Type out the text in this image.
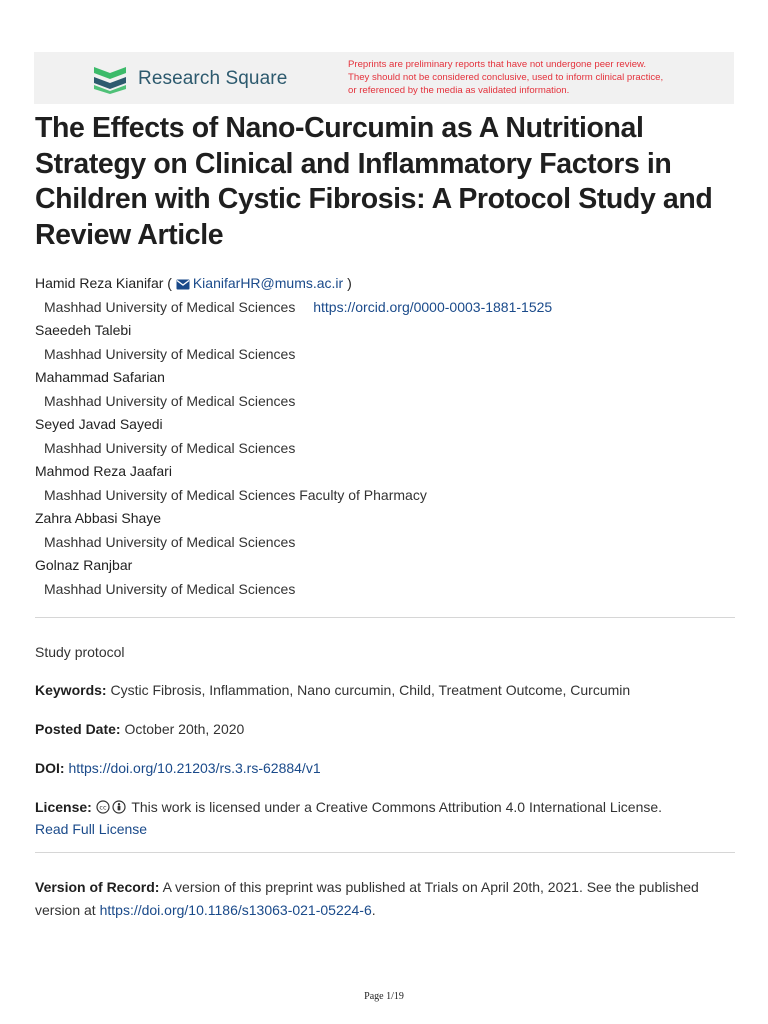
Research Square
Preprints are preliminary reports that have not undergone peer review.
They should not be considered conclusive, used to inform clinical practice,
or referenced by the media as validated information.
The Effects of Nano-Curcumin as A Nutritional Strategy on Clinical and Inflammatory Factors in Children with Cystic Fibrosis: A Protocol Study and Review Article
Hamid Reza Kianifar ( KianifarHR@mums.ac.ir )
Mashhad University of Medical Sciences https://orcid.org/0000-0003-1881-1525
Saeedeh Talebi
Mashhad University of Medical Sciences
Mahammad Safarian
Mashhad University of Medical Sciences
Seyed Javad Sayedi
Mashhad University of Medical Sciences
Mahmod Reza Jaafari
Mashhad University of Medical Sciences Faculty of Pharmacy
Zahra Abbasi Shaye
Mashhad University of Medical Sciences
Golnaz Ranjbar
Mashhad University of Medical Sciences
Study protocol
Keywords: Cystic Fibrosis, Inflammation, Nano curcumin, Child, Treatment Outcome, Curcumin
Posted Date: October 20th, 2020
DOI: https://doi.org/10.21203/rs.3.rs-62884/v1
License: cc This work is licensed under a Creative Commons Attribution 4.0 International License.
Read Full License
Version of Record: A version of this preprint was published at Trials on April 20th, 2021. See the published version at https://doi.org/10.1186/s13063-021-05224-6.
Page 1/19
